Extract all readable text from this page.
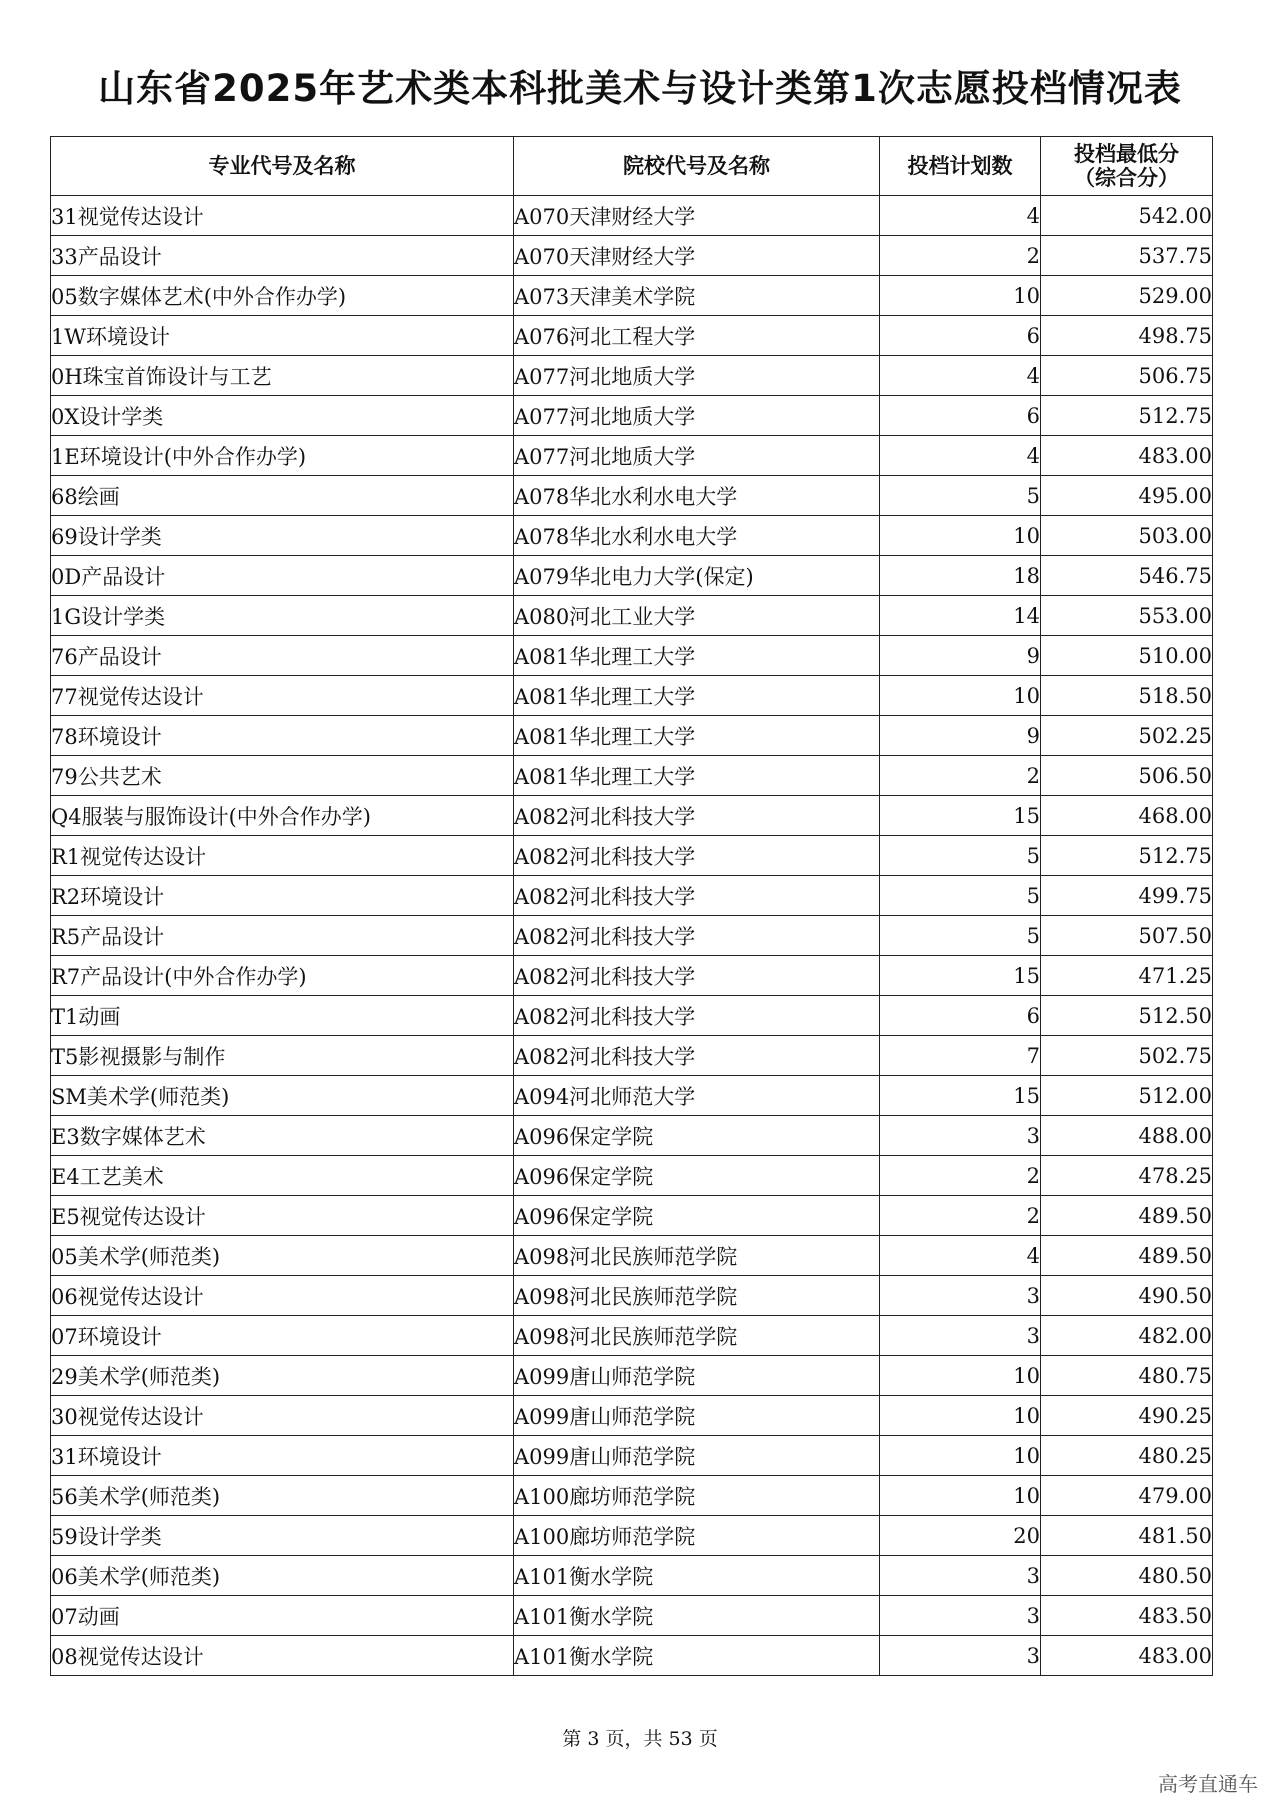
山东省2025年艺术类本科批美术与设计类第1次志愿投档情况表
专业代号及名称	院校代号及名称	投档计划数	投档最低分
（综合分）

31视觉传达设计	A070天津财经大学	4	542.00
33产品设计	A070天津财经大学	2	537.75
05数字媒体艺术(中外合作办学)	A073天津美术学院	10	529.00
1W环境设计	A076河北工程大学	6	498.75
0H珠宝首饰设计与工艺	A077河北地质大学	4	506.75
0X设计学类	A077河北地质大学	6	512.75
1E环境设计(中外合作办学)	A077河北地质大学	4	483.00
68绘画	A078华北水利水电大学	5	495.00
69设计学类	A078华北水利水电大学	10	503.00
0D产品设计	A079华北电力大学(保定)	18	546.75
1G设计学类	A080河北工业大学	14	553.00
76产品设计	A081华北理工大学	9	510.00
77视觉传达设计	A081华北理工大学	10	518.50
78环境设计	A081华北理工大学	9	502.25
79公共艺术	A081华北理工大学	2	506.50
Q4服装与服饰设计(中外合作办学)	A082河北科技大学	15	468.00
R1视觉传达设计	A082河北科技大学	5	512.75
R2环境设计	A082河北科技大学	5	499.75
R5产品设计	A082河北科技大学	5	507.50
R7产品设计(中外合作办学)	A082河北科技大学	15	471.25
T1动画	A082河北科技大学	6	512.50
T5影视摄影与制作	A082河北科技大学	7	502.75
SM美术学(师范类)	A094河北师范大学	15	512.00
E3数字媒体艺术	A096保定学院	3	488.00
E4工艺美术	A096保定学院	2	478.25
E5视觉传达设计	A096保定学院	2	489.50
05美术学(师范类)	A098河北民族师范学院	4	489.50
06视觉传达设计	A098河北民族师范学院	3	490.50
07环境设计	A098河北民族师范学院	3	482.00
29美术学(师范类)	A099唐山师范学院	10	480.75
30视觉传达设计	A099唐山师范学院	10	490.25
31环境设计	A099唐山师范学院	10	480.25
56美术学(师范类)	A100廊坊师范学院	10	479.00
59设计学类	A100廊坊师范学院	20	481.50
06美术学(师范类)	A101衡水学院	3	480.50
07动画	A101衡水学院	3	483.50
08视觉传达设计	A101衡水学院	3	483.00
第 3 页，共 53 页
高考直通车
